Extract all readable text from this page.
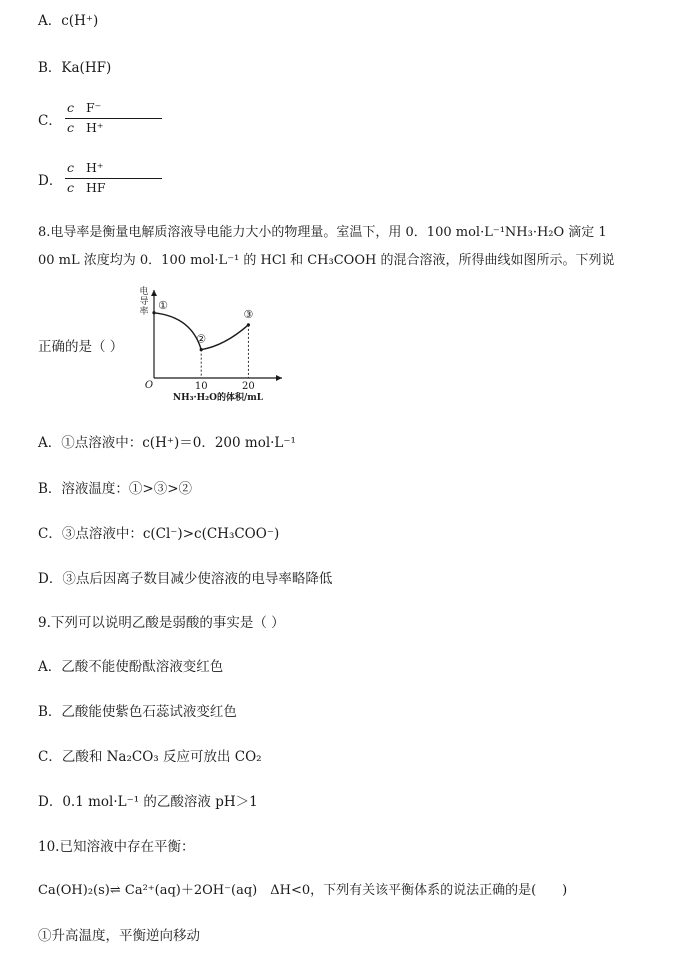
A．c(H⁺)
B．Ka(HF)
C．
c F⁻
c H⁺
D．
c H⁺
c HF
8.电导率是衡量电解质溶液导电能力大小的物理量。室温下，用 0．100 mol·L⁻¹NH₃·H₂O 滴定 1
00 mL 浓度均为 0．100 mol·L⁻¹ 的 HCl 和 CH₃COOH 的混合溶液，所得曲线如图所示。下列说
正确的是（ ）
电
导
率
O	10	20
NH₃·H₂O的体积/mL
①
②
③
A．①点溶液中：c(H⁺)＝0．200 mol·L⁻¹
B．溶液温度：①>③>②
C．③点溶液中：c(Cl⁻)>c(CH₃COO⁻)
D．③点后因离子数目减少使溶液的电导率略降低
9.下列可以说明乙酸是弱酸的事实是（ ）
A．乙酸不能使酚酞溶液变红色
B．乙酸能使紫色石蕊试液变红色
C．乙酸和 Na₂CO₃ 反应可放出 CO₂
D．0.1 mol·L⁻¹ 的乙酸溶液 pH＞1
10.已知溶液中存在平衡：
Ca(OH)₂(s)⇌ Ca²⁺(aq)＋2OH⁻(aq)　ΔH<0，下列有关该平衡体系的说法正确的是(　　)
①升高温度，平衡逆向移动
